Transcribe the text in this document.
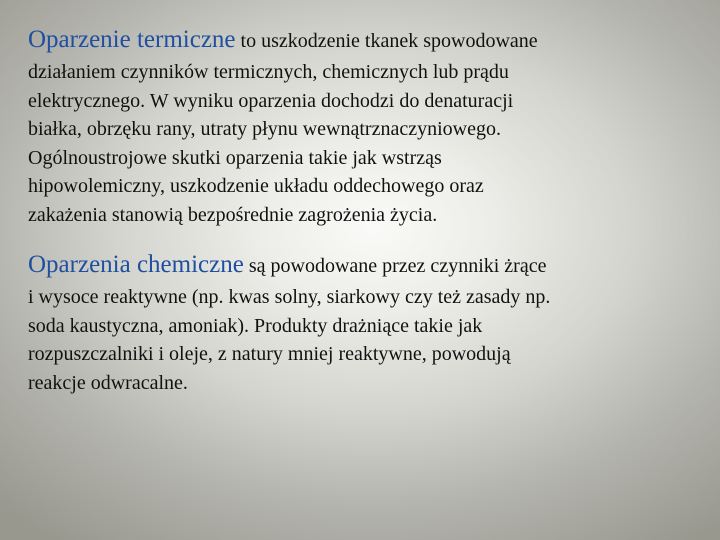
Oparzenie termiczne to uszkodzenie tkanek spowodowane
działaniem czynników termicznych, chemicznych lub prądu
elektrycznego. W wyniku oparzenia dochodzi do denaturacji
białka, obrzęku rany, utraty płynu wewnątrznaczyniowego.
Ogólnoustrojowe skutki oparzenia takie jak wstrząs
hipowolemiczny, uszkodzenie układu oddechowego oraz
zakażenia stanowią bezpośrednie zagrożenia życia.

Oparzenia chemiczne są powodowane przez czynniki żrące
i wysoce reaktywne (np. kwas solny, siarkowy czy też zasady np.
soda kaustyczna, amoniak). Produkty drażniące takie jak
rozpuszczalniki i oleje, z natury mniej reaktywne, powodują
reakcje odwracalne.
